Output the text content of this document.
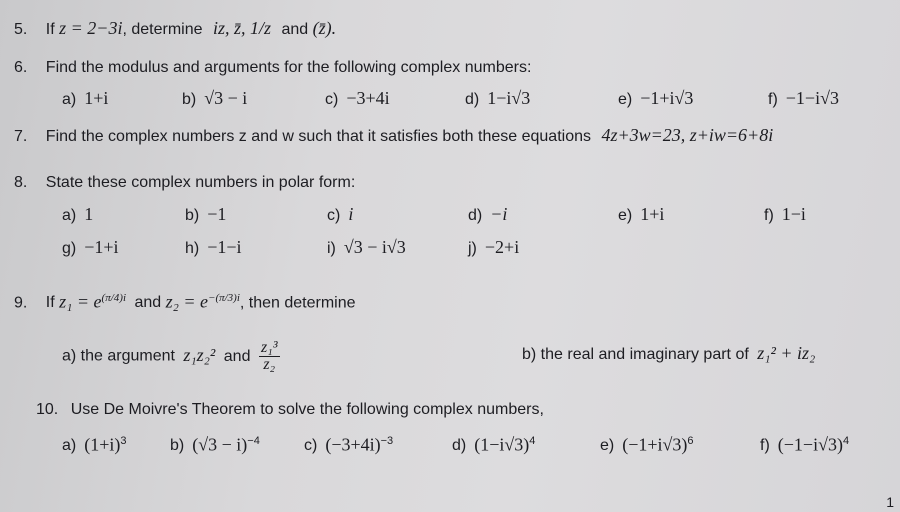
5. If z = 2−3i, determine iz, z̄, 1/z and (z̄).
6. Find the modulus and arguments for the following complex numbers:
a) 1+i	b) √3 − i	c) −3+4i	d) 1−i√3	e) −1+i√3	f) −1−i√3
7. Find the complex numbers z and w such that it satisfies both these equations 4z+3w=23, z+iw=6+8i
8. State these complex numbers in polar form:
a) 1	b) −1	c) i	d) −i	e) 1+i	f) 1−i
g) −1+i	h) −1−i	i) √3 − i√3	j) −2+i
9. If $z_1 = e^{(\pi/4)i}$ and $z_2 = e^{-(\pi/3)i}$, then determine
a) the argument z₁z₂² and $\frac{\text{z₁³}}{\text{z₂}}$	b) the real and imaginary part of z₁² + iz₂
10. Use De Moivre's Theorem to solve the following complex numbers,
a) $(1+i)^3$	b) $(√3 - i)^{-4}$	c) $(-3+4i)^{-3}$	d) $(1-i√3)^4$	e) $(-1+i√3)^6$	f) $(-1-i√3)^4$
1
